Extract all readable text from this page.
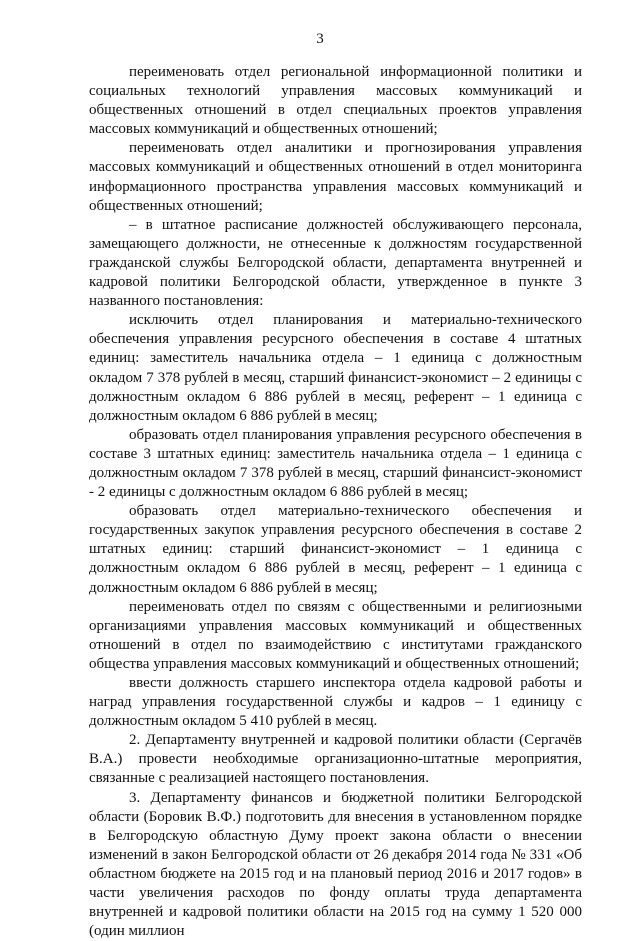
3

переименовать отдел региональной информационной политики и социальных технологий управления массовых коммуникаций и общественных отношений в отдел специальных проектов управления массовых коммуникаций и общественных отношений;

переименовать отдел аналитики и прогнозирования управления массовых коммуникаций и общественных отношений в отдел мониторинга информационного пространства управления массовых коммуникаций и общественных отношений;

– в штатное расписание должностей обслуживающего персонала, замещающего должности, не отнесенные к должностям государственной гражданской службы Белгородской области, департамента внутренней и кадровой политики Белгородской области, утвержденное в пункте 3 названного постановления:

исключить отдел планирования и материально-технического обеспечения управления ресурсного обеспечения в составе 4 штатных единиц: заместитель начальника отдела – 1 единица с должностным окладом 7 378 рублей в месяц, старший финансист-экономист – 2 единицы с должностным окладом 6 886 рублей в месяц, референт – 1 единица с должностным окладом 6 886 рублей в месяц;

образовать отдел планирования управления ресурсного обеспечения в составе 3 штатных единиц: заместитель начальника отдела – 1 единица с должностным окладом 7 378 рублей в месяц, старший финансист-экономист - 2 единицы с должностным окладом 6 886 рублей в месяц;

образовать отдел материально-технического обеспечения и государственных закупок управления ресурсного обеспечения в составе 2 штатных единиц: старший финансист-экономист – 1 единица с должностным окладом 6 886 рублей в месяц, референт – 1 единица с должностным окладом 6 886 рублей в месяц;

переименовать отдел по связям с общественными и религиозными организациями управления массовых коммуникаций и общественных отношений в отдел по взаимодействию с институтами гражданского общества управления массовых коммуникаций и общественных отношений;

ввести должность старшего инспектора отдела кадровой работы и наград управления государственной службы и кадров – 1 единицу с должностным окладом 5 410 рублей в месяц.

2. Департаменту внутренней и кадровой политики области (Сергачёв В.А.) провести необходимые организационно-штатные мероприятия, связанные с реализацией настоящего постановления.

3. Департаменту финансов и бюджетной политики Белгородской области (Боровик В.Ф.) подготовить для внесения в установленном порядке в Белгородскую областную Думу проект закона области о внесении изменений в закон Белгородской области от 26 декабря 2014 года № 331 «Об областном бюджете на 2015 год и на плановый период 2016 и 2017 годов» в части увеличения расходов по фонду оплаты труда департамента внутренней и кадровой политики области на 2015 год на сумму 1 520 000 (один миллион
